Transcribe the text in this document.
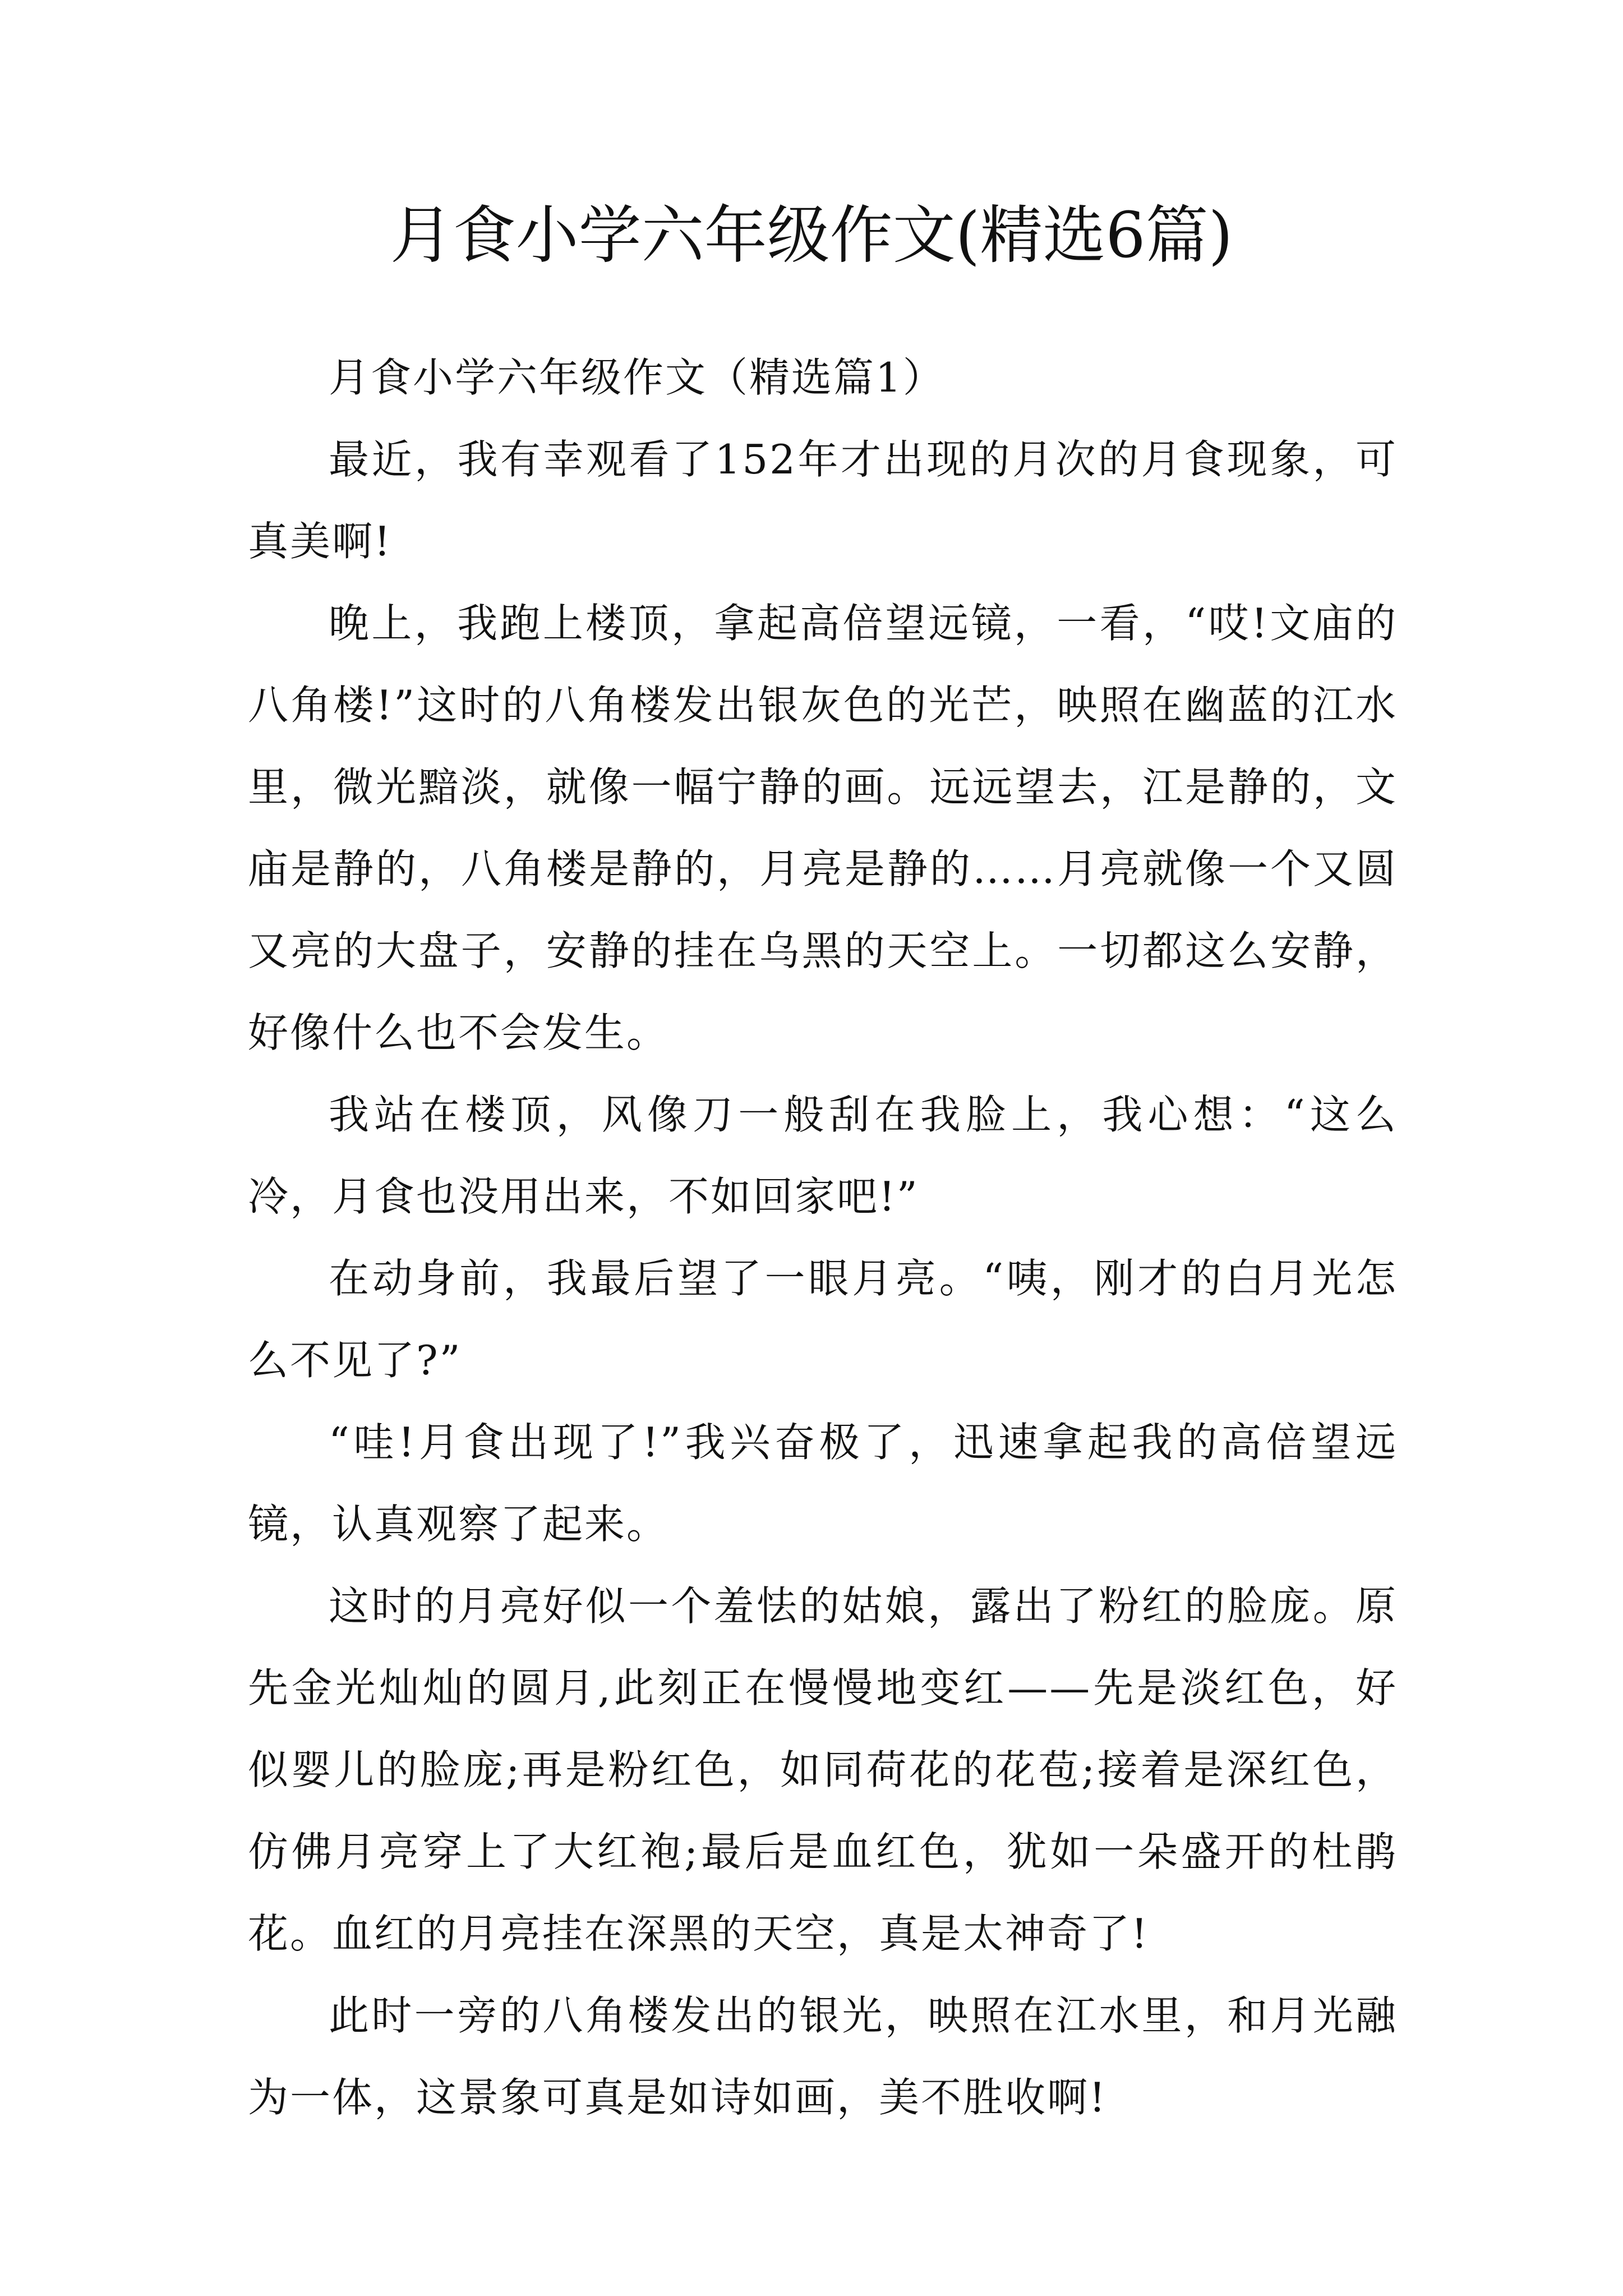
月食小学六年级作文(精选6篇)

月食小学六年级作文（精选篇1）

最近，我有幸观看了152年才出现的月次的月食现象，可真美啊!

晚上，我跑上楼顶，拿起高倍望远镜，一看，“哎!文庙的八角楼!”这时的八角楼发出银灰色的光芒，映照在幽蓝的江水里，微光黯淡，就像一幅宁静的画。远远望去，江是静的，文庙是静的，八角楼是静的，月亮是静的……月亮就像一个又圆又亮的大盘子，安静的挂在乌黑的天空上。一切都这么安静，好像什么也不会发生。

我站在楼顶，风像刀一般刮在我脸上，我心想：“这么冷，月食也没用出来，不如回家吧!”

在动身前，我最后望了一眼月亮。“咦，刚才的白月光怎么不见了?”

“哇!月食出现了!”我兴奋极了，迅速拿起我的高倍望远镜，认真观察了起来。

这时的月亮好似一个羞怯的姑娘，露出了粉红的脸庞。原先金光灿灿的圆月,此刻正在慢慢地变红——先是淡红色，好似婴儿的脸庞;再是粉红色，如同荷花的花苞;接着是深红色，仿佛月亮穿上了大红袍;最后是血红色，犹如一朵盛开的杜鹃花。血红的月亮挂在深黑的天空，真是太神奇了!

此时一旁的八角楼发出的银光，映照在江水里，和月光融为一体，这景象可真是如诗如画，美不胜收啊!
